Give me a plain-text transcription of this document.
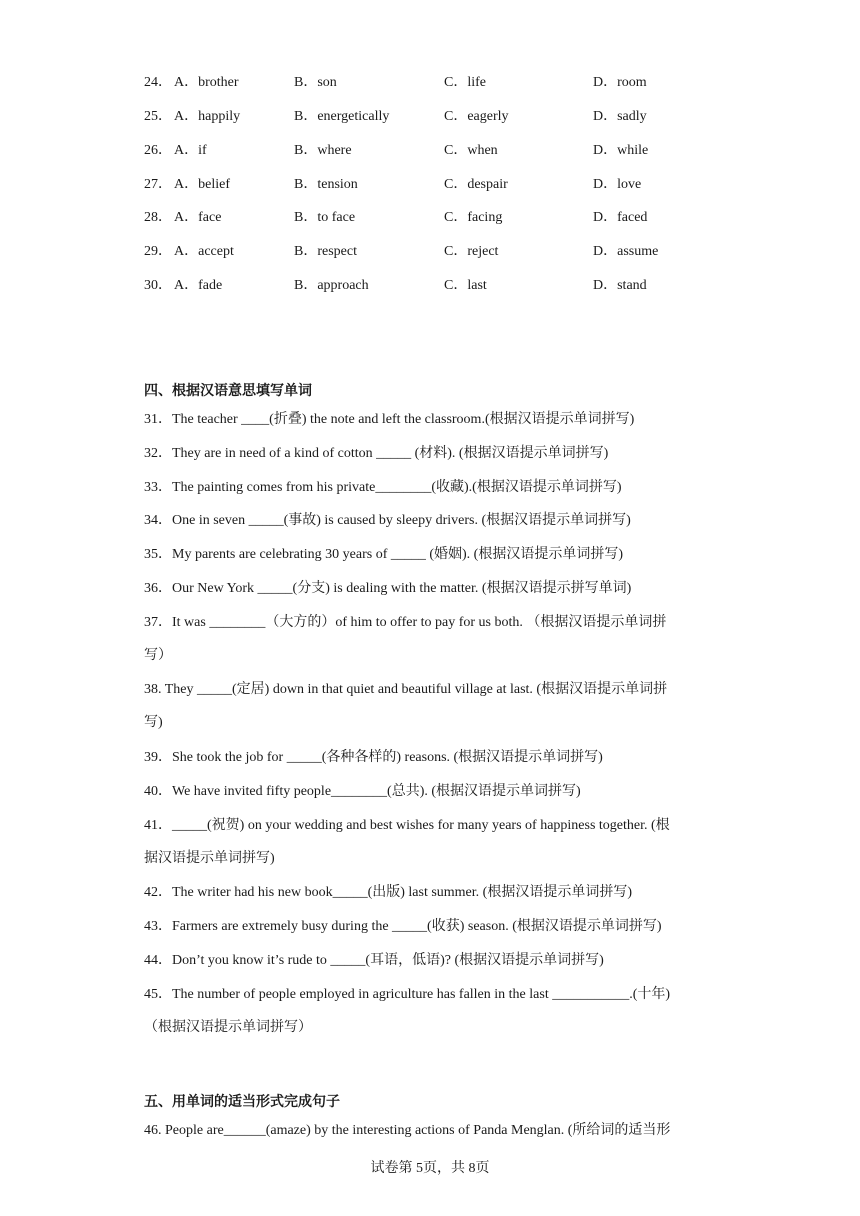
24． A．brother	B．son	C．life	D．room
25． A．happily	B．energetically	C．eagerly	D．sadly
26． A．if	B．where	C．when	D．while
27． A．belief	B．tension	C．despair	D．love
28． A．face	B．to face	C．facing	D．faced
29． A．accept	B．respect	C．reject	D．assume
30． A．fade	B．approach	C．last	D．stand
四、根据汉语意思填写单词
31．The teacher ____(折叠) the note and left the classroom.(根据汉语提示单词拼写)
32．They are in need of a kind of cotton _____ (材料). (根据汉语提示单词拼写)
33．The painting comes from his private________(收藏).(根据汉语提示单词拼写)
34．One in seven _____(事故) is caused by sleepy drivers. (根据汉语提示单词拼写)
35．My parents are celebrating 30 years of _____ (婚姻). (根据汉语提示单词拼写)
36．Our New York _____(分支) is dealing with the matter. (根据汉语提示拼写单词)
37．It was ________（大方的）of him to offer to pay for us both. （根据汉语提示单词拼
写）
38. They _____(定居) down in that quiet and beautiful village at last. (根据汉语提示单词拼
写)
39．She took the job for _____(各种各样的) reasons. (根据汉语提示单词拼写)
40．We have invited fifty people________(总共). (根据汉语提示单词拼写)
41．_____(祝贺) on your wedding and best wishes for many years of happiness together. (根
据汉语提示单词拼写)
42．The writer had his new book_____(出版) last summer. (根据汉语提示单词拼写)
43．Farmers are extremely busy during the _____(收获) season. (根据汉语提示单词拼写)
44．Don’t you know it’s rude to _____(耳语，低语)? (根据汉语提示单词拼写)
45．The number of people employed in agriculture has fallen in the last ___________.(十年)
（根据汉语提示单词拼写）
五、用单词的适当形式完成句子
46. People are______(amaze) by the interesting actions of Panda Menglan. (所给词的适当形
试卷第 5页，共 8页
